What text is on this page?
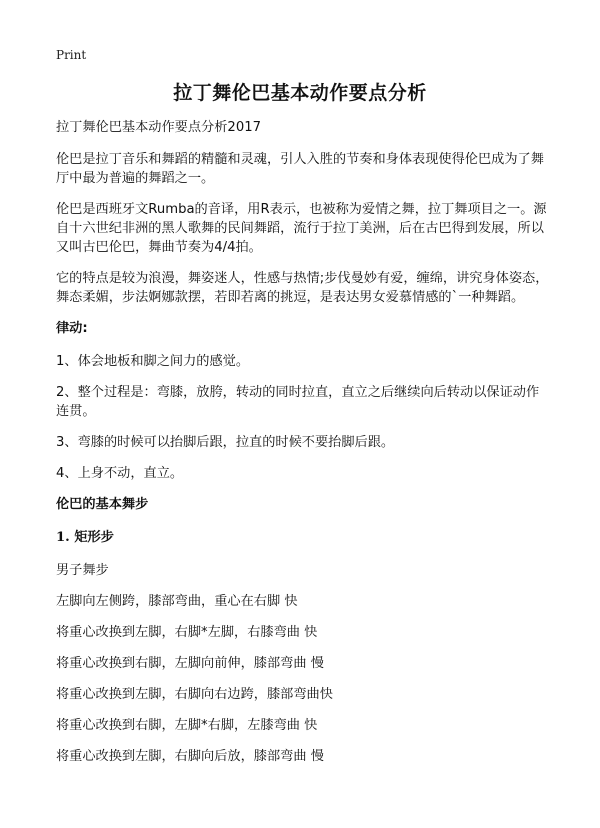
Print
拉丁舞伦巴基本动作要点分析

拉丁舞伦巴基本动作要点分析2017

伦巴是拉丁音乐和舞蹈的精髓和灵魂，引人入胜的节奏和身体表现使得伦巴成为了舞厅中最为普遍的舞蹈之一。

伦巴是西班牙文Rumba的音译，用R表示，也被称为爱情之舞，拉丁舞项目之一。源自十六世纪非洲的黑人歌舞的民间舞蹈，流行于拉丁美洲，后在古巴得到发展，所以又叫古巴伦巴，舞曲节奏为4/4拍。

它的特点是较为浪漫，舞姿迷人，性感与热情;步伐曼妙有爱，缠绵，讲究身体姿态，舞态柔媚，步法婀娜款摆，若即若离的挑逗，是表达男女爱慕情感的`一种舞蹈。

律动:

1、体会地板和脚之间力的感觉。

2、整个过程是：弯膝，放胯，转动的同时拉直，直立之后继续向后转动以保证动作连贯。

3、弯膝的时候可以抬脚后跟，拉直的时候不要抬脚后跟。

4、上身不动，直立。

伦巴的基本舞步

1. 矩形步

男子舞步

左脚向左侧跨，膝部弯曲，重心在右脚 快

将重心改换到左脚，右脚*左脚，右膝弯曲 快

将重心改换到右脚，左脚向前伸，膝部弯曲 慢

将重心改换到左脚，右脚向右边跨，膝部弯曲快

将重心改换到右脚，左脚*右脚，左膝弯曲 快

将重心改换到左脚，右脚向后放，膝部弯曲 慢
